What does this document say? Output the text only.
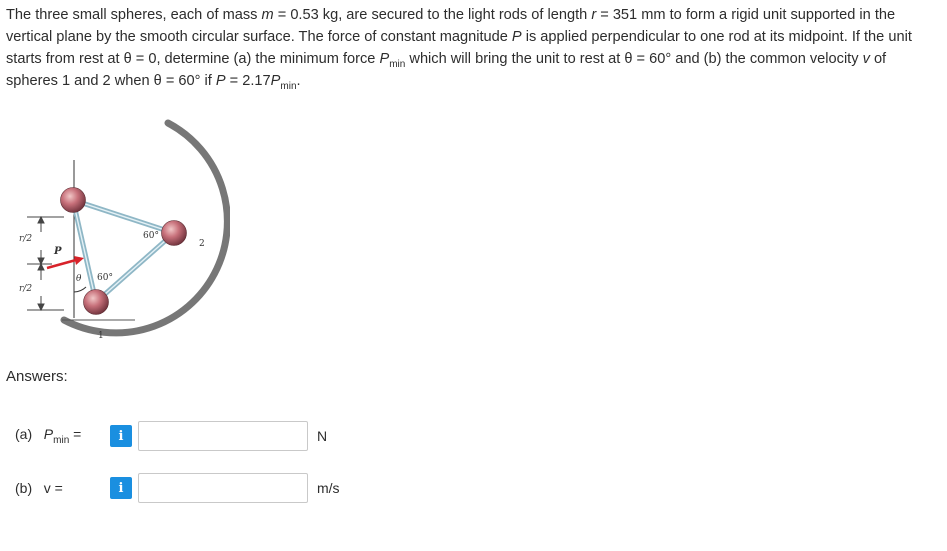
The three small spheres, each of mass m = 0.53 kg, are secured to the light rods of length r = 351 mm to form a rigid unit supported in the vertical plane by the smooth circular surface. The force of constant magnitude P is applied perpendicular to one rod at its midpoint. If the unit starts from rest at θ = 0, determine (a) the minimum force $P_{min}$ which will bring the unit to rest at θ = 60° and (b) the common velocity v of spheres 1 and 2 when θ = 60° if $P = 2.17P_{min}$.

r/2
r/2
P
θ 60°
60°
1
2
Answers:
(a) $P_{min}$ =	i	N
(b) v =	i	m/s
